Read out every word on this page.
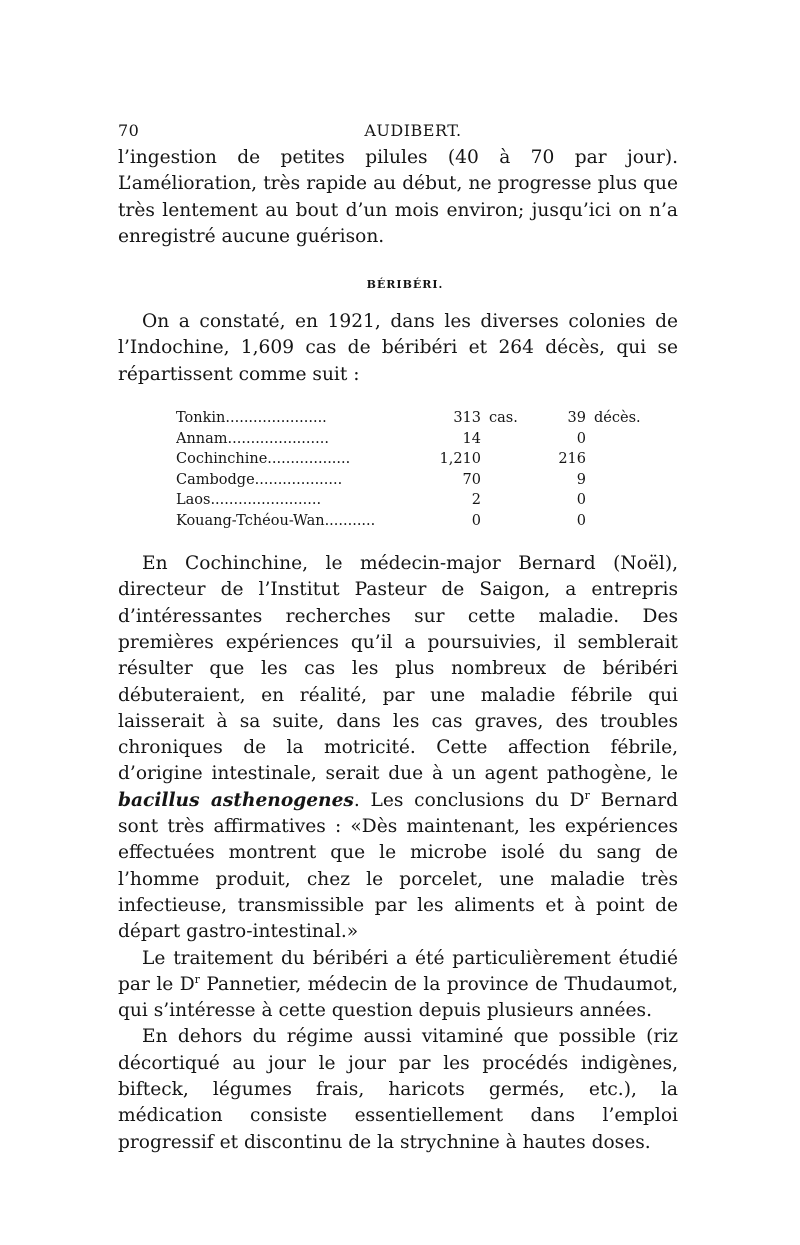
70	AUDIBERT.

l’ingestion de petites pilules (40 à 70 par jour). L’amélioration, très rapide au début, ne progresse plus que très lentement au bout d’un mois environ; jusqu’ici on n’a enregistré aucune guérison.

BÉRIBÉRI.

On a constaté, en 1921, dans les diverses colonies de l’Indochine, 1,609 cas de béribéri et 264 décès, qui se répartissent comme suit :

Tonkin......................	313	cas.	39	décès.
Annam......................	14		0	
Cochinchine..................	1,210		216	
Cambodge...................	70		9	
Laos........................	2		0	
Kouang-Tchéou-Wan...........	0		0	

En Cochinchine, le médecin-major Bernard (Noël), directeur de l’Institut Pasteur de Saigon, a entrepris d’intéressantes recherches sur cette maladie. Des premières expériences qu’il a poursuivies, il semblerait résulter que les cas les plus nombreux de béribéri débuteraient, en réalité, par une maladie fébrile qui laisserait à sa suite, dans les cas graves, des troubles chroniques de la motricité. Cette affection fébrile, d’origine intestinale, serait due à un agent pathogène, le bacillus asthenogenes. Les conclusions du $D^r$ Bernard sont très affirmatives : «Dès maintenant, les expériences effectuées montrent que le microbe isolé du sang de l’homme produit, chez le porcelet, une maladie très infectieuse, transmissible par les aliments et à point de départ gastro-intestinal.»

Le traitement du béribéri a été particulièrement étudié par le $D^r$ Pannetier, médecin de la province de Thudaumot, qui s’intéresse à cette question depuis plusieurs années.

En dehors du régime aussi vitaminé que possible (riz décortiqué au jour le jour par les procédés indigènes, bifteck, légumes frais, haricots germés, etc.), la médication consiste essentiellement dans l’emploi progressif et discontinu de la strychnine à hautes doses.
